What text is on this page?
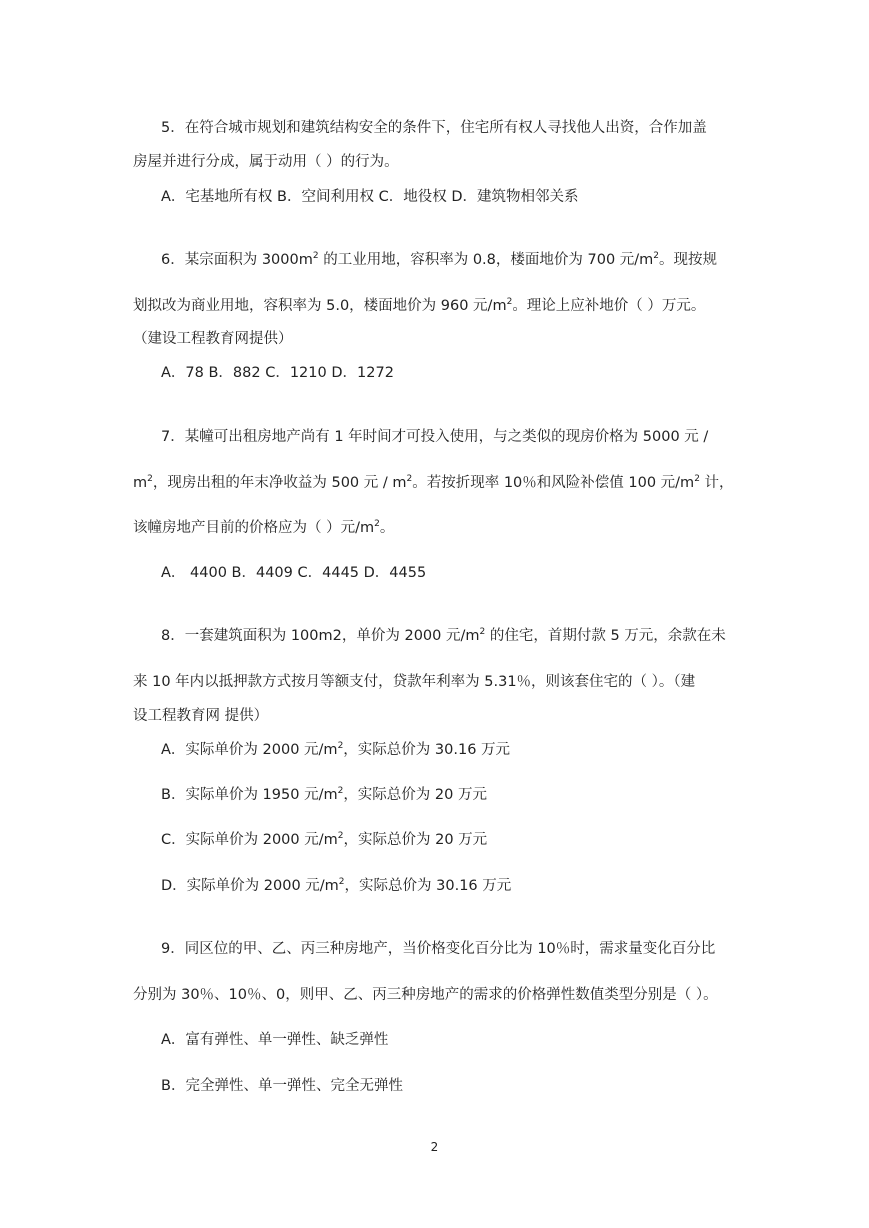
5．在符合城市规划和建筑结构安全的条件下，住宅所有权人寻找他人出资，合作加盖
房屋并进行分成，属于动用（ ）的行为。
A．宅基地所有权 B．空间利用权 C．地役权 D．建筑物相邻关系
6．某宗面积为 $3000m^2$ 的工业用地，容积率为 0.8，楼面地价为 700 元$/m^2$。现按规
划拟改为商业用地，容积率为 5.0，楼面地价为 960 元$/m^2$。理论上应补地价（ ）万元。
（建设工程教育网提供）
A．78 B．882 C．1210 D．1272
7．某幢可出租房地产尚有 1 年时间才可投入使用，与之类似的现房价格为 5000 元 /
$m^2$，现房出租的年末净收益为 500 元 / $m^2$。若按折现率 10％和风险补偿值 100 元$/m^2$ 计，
该幢房地产目前的价格应为（ ）元$/m^2$。
A． 4400 B．4409 C．4445 D．4455
8．一套建筑面积为 100m2，单价为 2000 元$/m^2$ 的住宅，首期付款 5 万元，余款在未
来 10 年内以抵押款方式按月等额支付，贷款年利率为 5.31％，则该套住宅的（ ）。（建
设工程教育网 提供）
A．实际单价为 2000 元$/m^2$，实际总价为 30.16 万元
B．实际单价为 1950 元$/m^2$，实际总价为 20 万元
C．实际单价为 2000 元$/m^2$，实际总价为 20 万元
D．实际单价为 2000 元$/m^2$，实际总价为 30.16 万元
9．同区位的甲、乙、丙三种房地产，当价格变化百分比为 10％时，需求量变化百分比
分别为 30％、10％、0，则甲、乙、丙三种房地产的需求的价格弹性数值类型分别是（ ）。
A．富有弹性、单一弹性、缺乏弹性
B．完全弹性、单一弹性、完全无弹性
2
